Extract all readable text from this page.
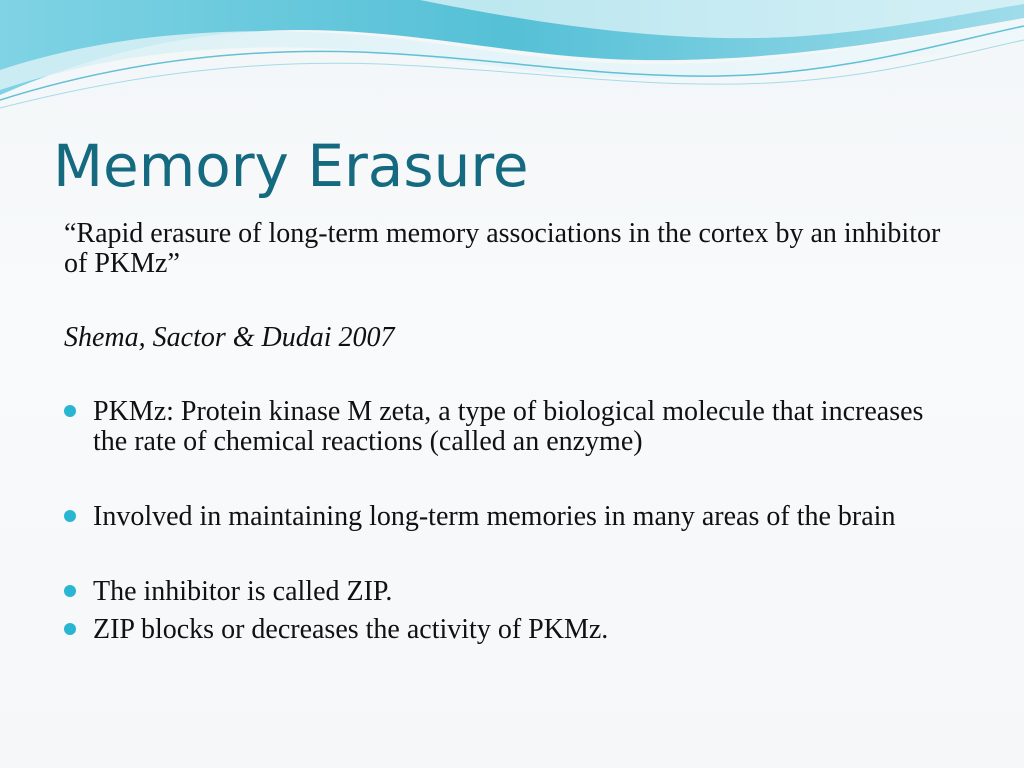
Memory Erasure

“Rapid erasure of long-term memory associations in the cortex by an inhibitor of PKMz”

Shema, Sactor & Dudai 2007

PKMz: Protein kinase M zeta, a type of biological molecule that increases the rate of chemical reactions (called an enzyme)
Involved in maintaining long-term memories in many areas of the brain
The inhibitor is called ZIP.
ZIP blocks or decreases the activity of PKMz.
